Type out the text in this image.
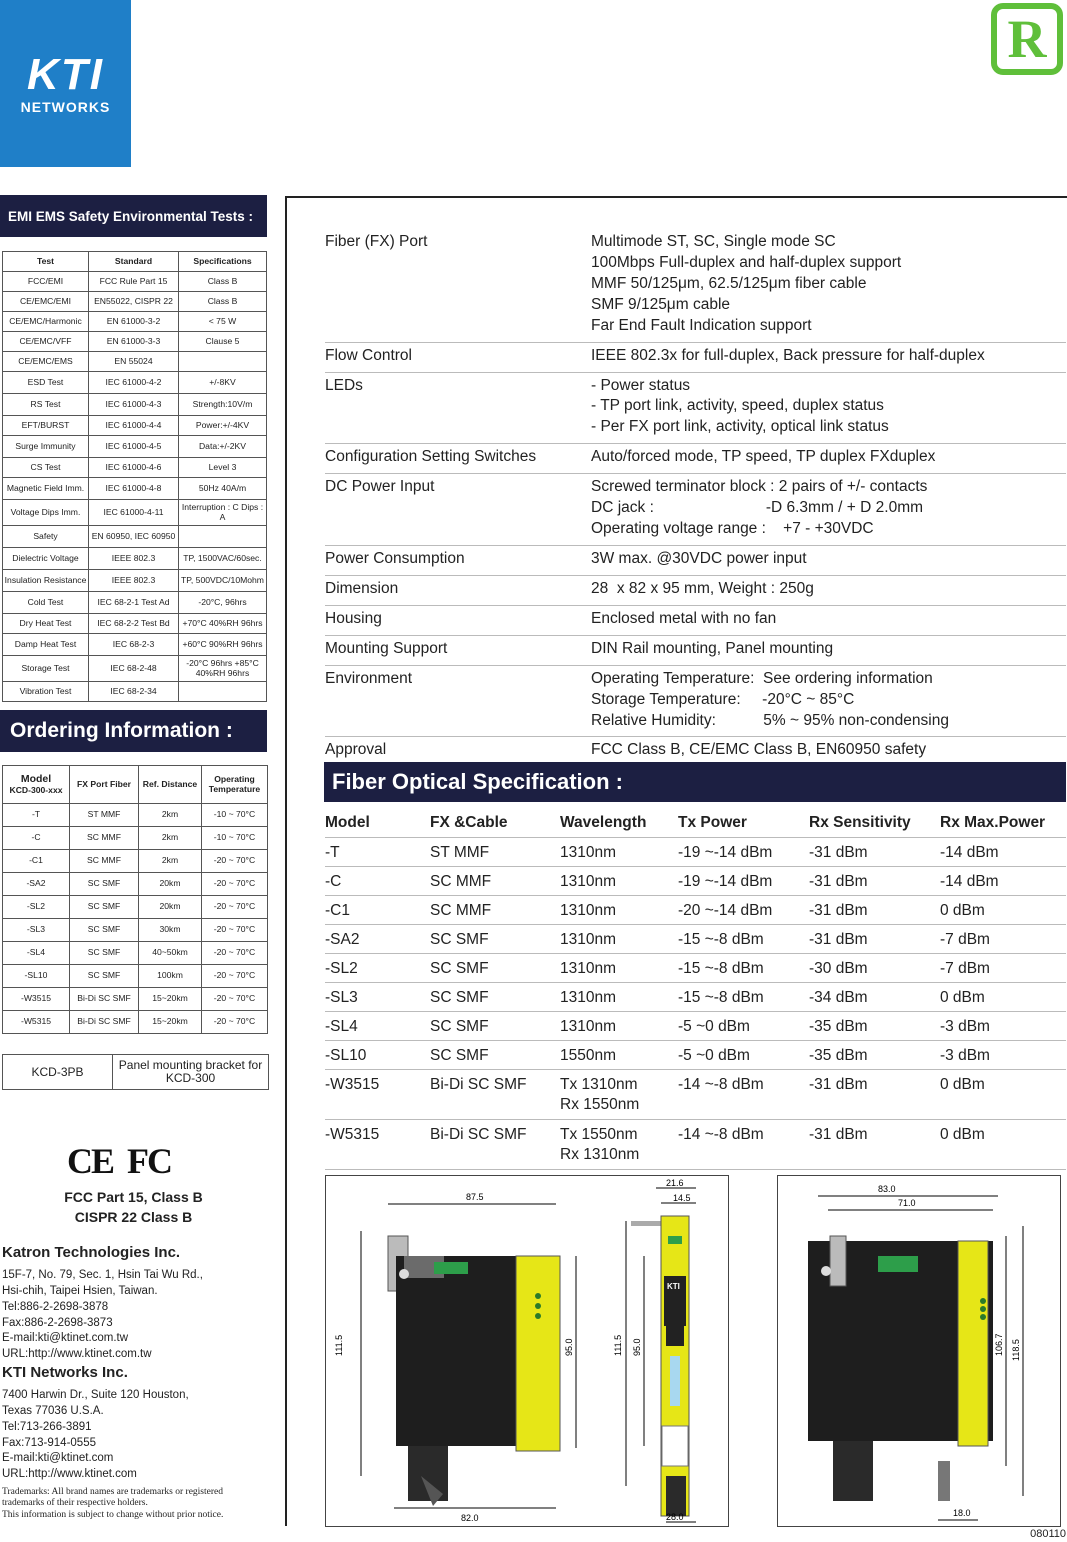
KTI
NETWORKS
R
EMI EMS Safety Environmental Tests :
Test	Standard	Specifications
FCC/EMI	FCC Rule Part 15	Class B
CE/EMC/EMI	EN55022, CISPR 22	Class B
CE/EMC/Harmonic	EN 61000-3-2	< 75 W
CE/EMC/VFF	EN 61000-3-3	Clause 5
CE/EMC/EMS	EN 55024	
ESD Test	IEC 61000-4-2	+/-8KV
RS Test	IEC 61000-4-3	Strength:10V/m
EFT/BURST	IEC 61000-4-4	Power:+/-4KV
Surge Immunity	IEC 61000-4-5	Data:+/-2KV
CS Test	IEC 61000-4-6	Level 3
Magnetic Field Imm.	IEC 61000-4-8	50Hz 40A/m
Voltage Dips Imm.	IEC 61000-4-11	Interruption : C Dips : A
Safety	EN 60950, IEC 60950	
Dielectric Voltage	IEEE 802.3	TP, 1500VAC/60sec.
Insulation Resistance	IEEE 802.3	TP, 500VDC/10Mohm
Cold Test	IEC 68-2-1 Test Ad	-20°C, 96hrs
Dry Heat Test	IEC 68-2-2 Test Bd	+70°C 40%RH 96hrs
Damp Heat Test	IEC 68-2-3	+60°C 90%RH 96hrs
Storage Test	IEC 68-2-48	-20°C 96hrs +85°C 40%RH 96hrs
Vibration Test	IEC 68-2-34	
Ordering Information :
Model
KCD-300-xxx	FX Port Fiber	Ref. Distance	Operating Temperature
-T	ST MMF	2km	-10 ~ 70°C
-C	SC MMF	2km	-10 ~ 70°C
-C1	SC MMF	2km	-20 ~ 70°C
-SA2	SC SMF	20km	-20 ~ 70°C
-SL2	SC SMF	20km	-20 ~ 70°C
-SL3	SC SMF	30km	-20 ~ 70°C
-SL4	SC SMF	40~50km	-20 ~ 70°C
-SL10	SC SMF	100km	-20 ~ 70°C
-W3515	Bi-Di SC SMF	15~20km	-20 ~ 70°C
-W5315	Bi-Di SC SMF	15~20km	-20 ~ 70°C
KCD-3PB	Panel mounting bracket for KCD-300
CE FC
FCC Part 15, Class B
CISPR 22 Class B
Katron Technologies Inc.
15F-7, No. 79, Sec. 1, Hsin Tai Wu Rd.,
Hsi-chih, Taipei Hsien, Taiwan.
Tel:886-2-2698-3878
Fax:886-2-2698-3873
E-mail:kti@ktinet.com.tw
URL:http://www.ktinet.com.tw
KTI Networks Inc.
7400 Harwin Dr., Suite 120 Houston,
Texas 77036 U.S.A.
Tel:713-266-3891
Fax:713-914-0555
E-mail:kti@ktinet.com
URL:http://www.ktinet.com
Trademarks: All brand names are trademarks or registered
trademarks of their respective holders.
This information is subject to change without prior notice.
Fiber (FX) Port	Multimode ST, SC, Single mode SC
100Mbps Full-duplex and half-duplex support
MMF 50/125μm, 62.5/125μm fiber cable
SMF 9/125μm cable
Far End Fault Indication support
Flow Control	IEEE 802.3x for full-duplex, Back pressure for half-duplex
LEDs	- Power status
- TP port link, activity, speed, duplex status
- Per FX port link, activity, optical link status
Configuration Setting Switches	Auto/forced mode, TP speed, TP duplex FXduplex
DC Power Input	Screwed terminator block : 2 pairs of +/- contacts
DC jack :                          -D 6.3mm / + D 2.0mm
Operating voltage range :    +7 - +30VDC
Power Consumption	3W max. @30VDC power input
Dimension	28  x 82 x 95 mm, Weight : 250g
Housing	Enclosed metal with no fan
Mounting Support	DIN Rail mounting, Panel mounting
Environment	Operating Temperature:  See ordering information
Storage Temperature:     -20°C ~ 85°C
Relative Humidity:           5% ~ 95% non-condensing
Approval	FCC Class B, CE/EMC Class B, EN60950 safety
Fiber Optical Specification :
Model	FX &Cable	Wavelength	Tx Power	Rx Sensitivity	Rx Max.Power
-T	ST MMF	1310nm	-19 ~-14 dBm	-31 dBm	-14 dBm
-C	SC MMF	1310nm	-19 ~-14 dBm	-31 dBm	-14 dBm
-C1	SC MMF	1310nm	-20 ~-14 dBm	-31 dBm	0 dBm
-SA2	SC SMF	1310nm	-15 ~-8 dBm	-31 dBm	-7 dBm
-SL2	SC SMF	1310nm	-15 ~-8 dBm	-30 dBm	-7 dBm
-SL3	SC SMF	1310nm	-15 ~-8 dBm	-34 dBm	0 dBm
-SL4	SC SMF	1310nm	-5 ~0 dBm	-35 dBm	-3 dBm
-SL10	SC SMF	1550nm	-5 ~0 dBm	-35 dBm	-3 dBm
-W3515	Bi-Di SC SMF	Tx 1310nm
Rx 1550nm	-14 ~-8 dBm	-31 dBm	0 dBm
-W5315	Bi-Di SC SMF	Tx 1550nm
Rx 1310nm	-14 ~-8 dBm	-31 dBm	0 dBm
87.5
82.0
111.5	95.0
KTI
21.6
14.5
111.5 95.0
28.0
83.0
71.0
106.7 118.5
18.0
080110
